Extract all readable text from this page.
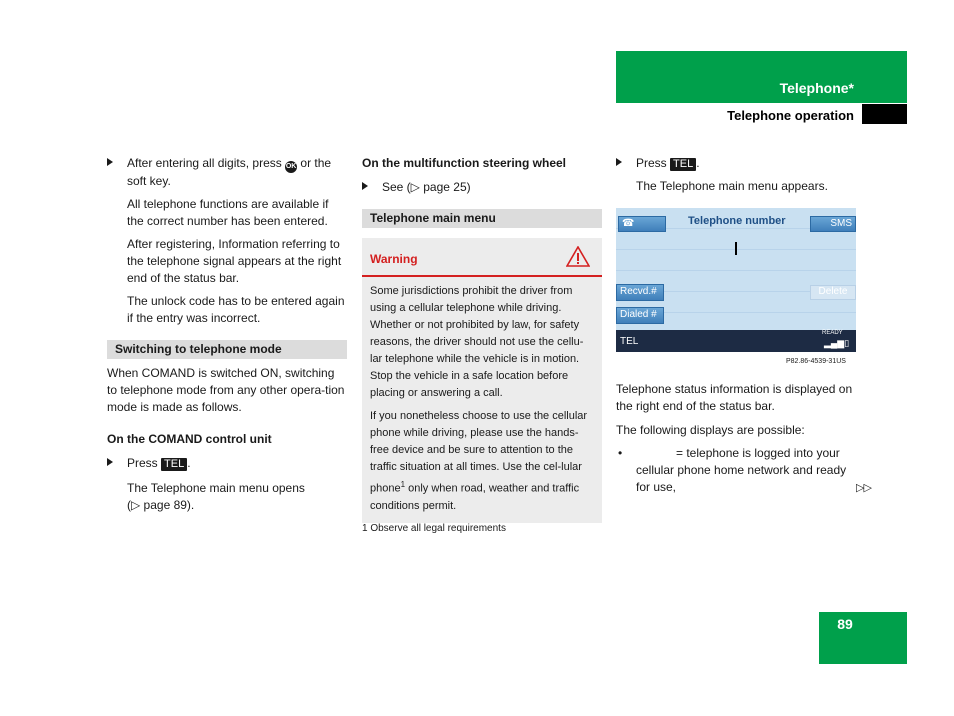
Telephone*
Telephone operation
After entering all digits, press OK or the
soft key.

All telephone functions are available if the correct number has been entered.

After registering, Information referring to the telephone signal appears at the right end of the status bar.

The unlock code has to be entered again if the entry was incorrect.

Switching to telephone mode

When COMAND is switched ON, switching to telephone mode from any other opera-tion mode is made as follows.

On the COMAND control unit
Press TEL .

The Telephone main menu opens
(▷ page 89).

On the multifunction steering wheel
See (▷ page 25)
Telephone main menu
Warning

Some jurisdictions prohibit the driver from using a cellular telephone while driving. Whether or not prohibited by law, for safety reasons, the driver should not use the cellu-lar telephone while the vehicle is in motion. Stop the vehicle in a safe location before placing or answering a call.

If you nonetheless choose to use the cellular phone while driving, please use the hands-free device and be sure to attention to the traffic situation at all times. Use the cel-lular phone$^1$ only when road, weather and traffic conditions permit.

1 Observe all legal requirements
Press TEL .

The Telephone main menu appears.

☎	Telephone number	SMS
Recvd.#	Delete
Dialed #
TEL
READY
▂▄▆▯
P82.86-4539-31US

Telephone status information is displayed on the right end of the status bar.

The following displays are possible:

•	= telephone is logged into your cellular phone home network and ready for use,	▷▷
89
